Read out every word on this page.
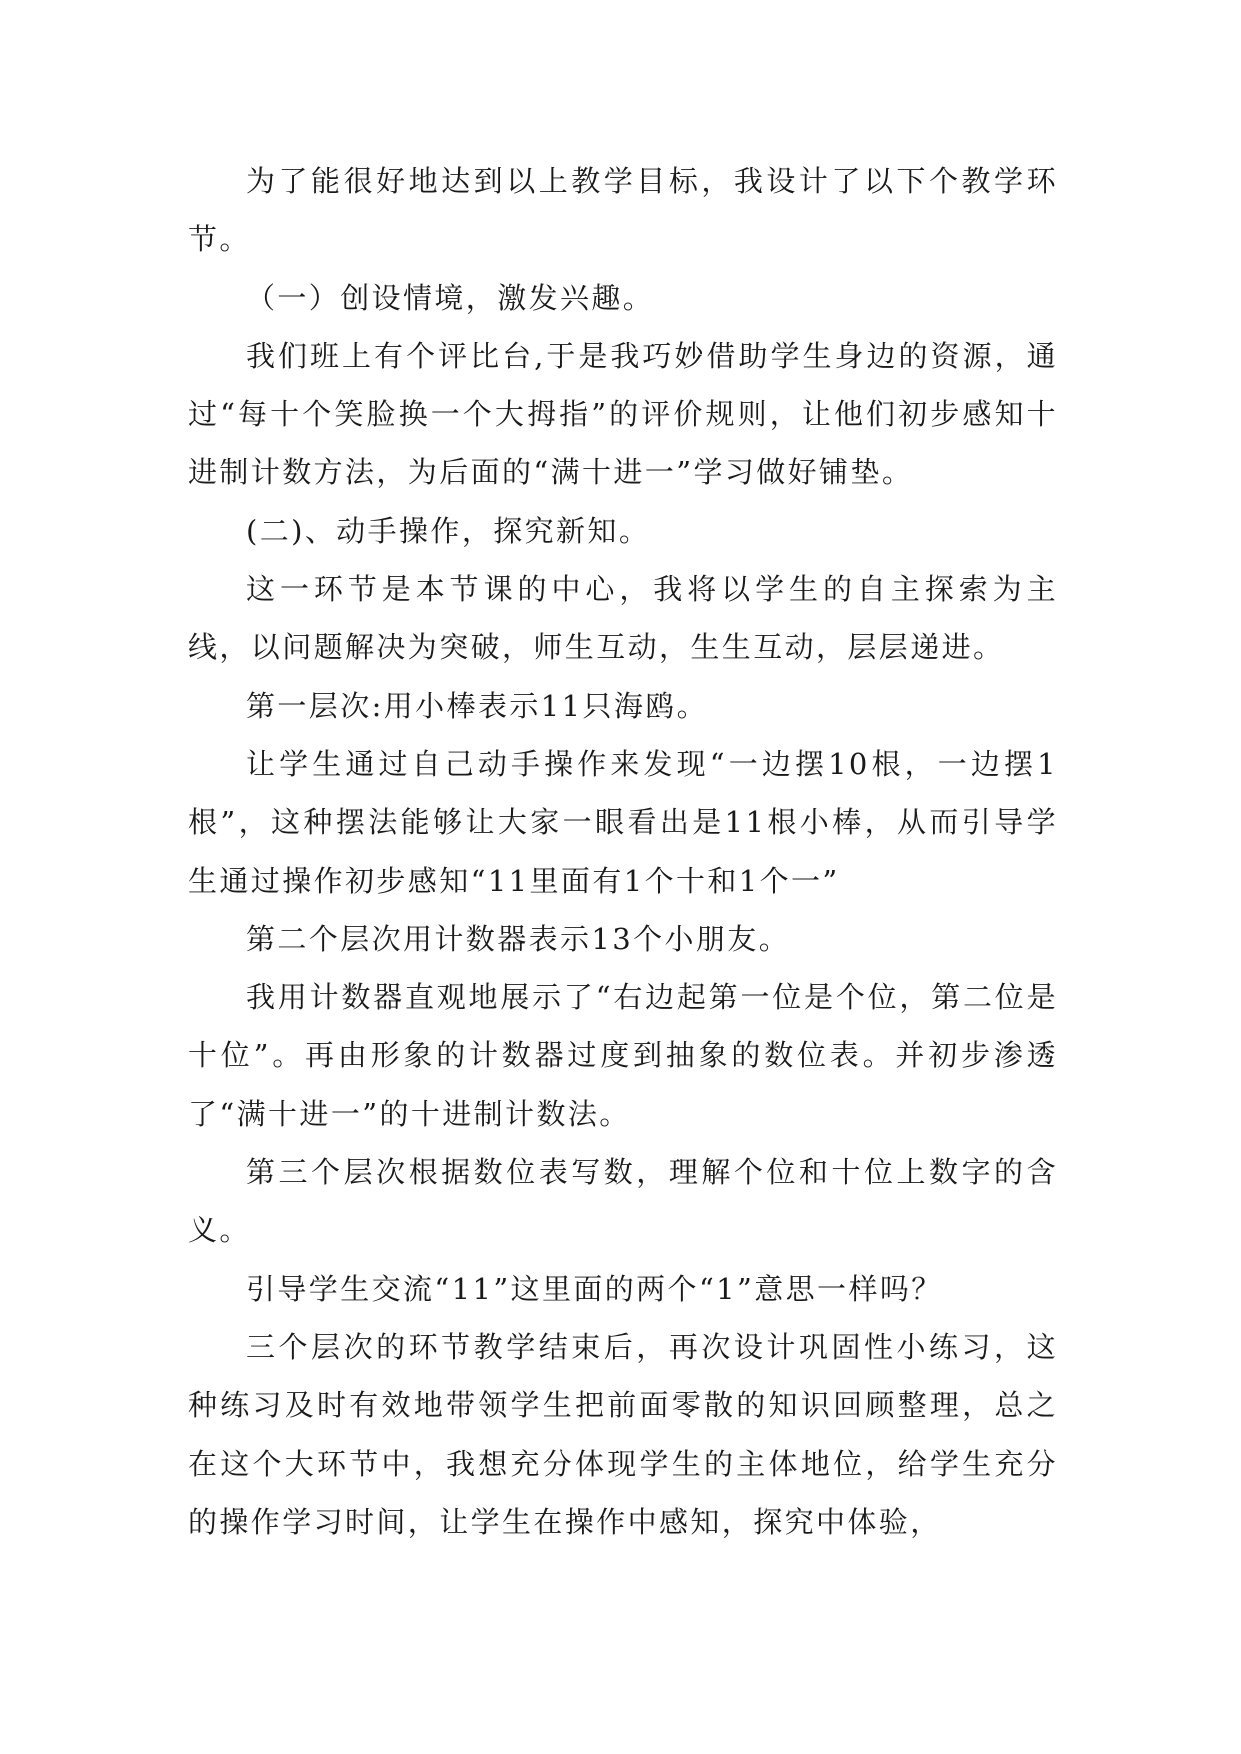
为了能很好地达到以上教学目标，我设计了以下个教学环节。

（一）创设情境，激发兴趣。

我们班上有个评比台,于是我巧妙借助学生身边的资源，通过“每十个笑脸换一个大拇指”的评价规则，让他们初步感知十进制计数方法，为后面的“满十进一”学习做好铺垫。

(二)、动手操作，探究新知。

这一环节是本节课的中心，我将以学生的自主探索为主线，以问题解决为突破，师生互动，生生互动，层层递进。

第一层次:用小棒表示11只海鸥。

让学生通过自己动手操作来发现“一边摆10根，一边摆1根”，这种摆法能够让大家一眼看出是11根小棒，从而引导学生通过操作初步感知“11里面有1个十和1个一”

第二个层次用计数器表示13个小朋友。

我用计数器直观地展示了“右边起第一位是个位，第二位是十位”。再由形象的计数器过度到抽象的数位表。并初步渗透了“满十进一”的十进制计数法。

第三个层次根据数位表写数，理解个位和十位上数字的含义。

引导学生交流“11”这里面的两个“1”意思一样吗？

三个层次的环节教学结束后，再次设计巩固性小练习，这种练习及时有效地带领学生把前面零散的知识回顾整理，总之在这个大环节中，我想充分体现学生的主体地位，给学生充分的操作学习时间，让学生在操作中感知，探究中体验，
